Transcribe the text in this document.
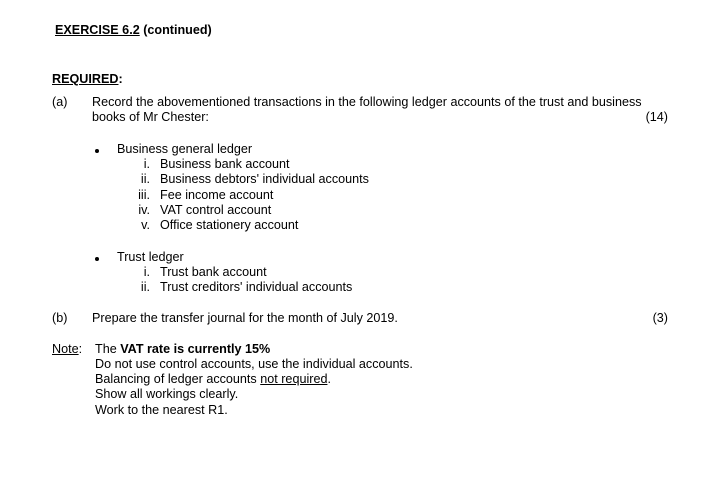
EXERCISE 6.2 (continued)
REQUIRED:
(a) Record the abovementioned transactions in the following ledger accounts of the trust and business
books of Mr Chester:	(14)
Business general ledger
i. Business bank account
ii. Business debtors' individual accounts
iii. Fee income account
iv. VAT control account
v. Office stationery account
Trust ledger
i. Trust bank account
ii. Trust creditors' individual accounts
(b) Prepare the transfer journal for the month of July 2019.	(3)
Note: The VAT rate is currently 15%
Do not use control accounts, use the individual accounts.
Balancing of ledger accounts not required.
Show all workings clearly.
Work to the nearest R1.
